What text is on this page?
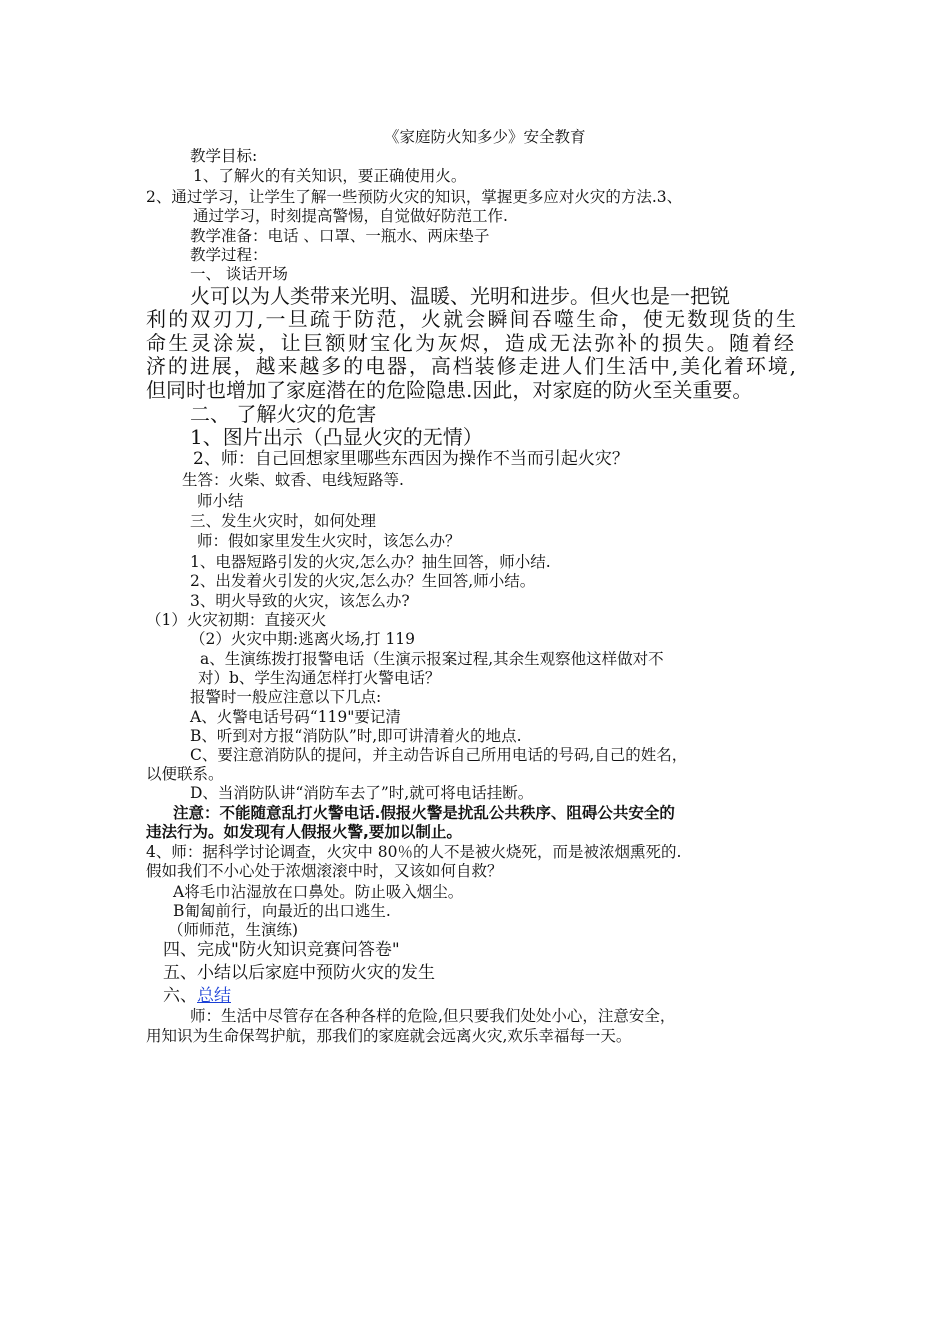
《家庭防火知多少》安全教育
教学目标:
1、了解火的有关知识，要正确使用火。
2、通过学习，让学生了解一些预防火灾的知识，掌握更多应对火灾的方法.3、
通过学习，时刻提高警惕，自觉做好防范工作.
教学准备：电话 、口罩、一瓶水、两床垫子
教学过程：
一、 谈话开场
火可以为人类带来光明、温暖、光明和进步。但火也是一把锐
利的双刃刀,一旦疏于防范，火就会瞬间吞噬生命，使无数现货的生
命生灵涂炭，让巨额财宝化为灰烬，造成无法弥补的损失。随着经
济的进展，越来越多的电器，高档装修走进人们生活中,美化着环境,
但同时也增加了家庭潜在的危险隐患.因此，对家庭的防火至关重要。
二、 了解火灾的危害
1、图片出示（凸显火灾的无情）
2、师：自己回想家里哪些东西因为操作不当而引起火灾？
生答：火柴、蚊香、电线短路等.
师小结
三、发生火灾时，如何处理
师：假如家里发生火灾时，该怎么办？
1、电器短路引发的火灾,怎么办？抽生回答，师小结.
2、出发着火引发的火灾,怎么办？生回答,师小结。
3、明火导致的火灾，该怎么办?
（1）火灾初期：直接灭火
（2）火灾中期:逃离火场,打 119
a、生演练拨打报警电话（生演示报案过程,其余生观察他这样做对不
对）b、学生沟通怎样打火警电话？
报警时一般应注意以下几点:
A、火警电话号码“119"要记清
B、听到对方报“消防队”时,即可讲清着火的地点.
C、要注意消防队的提问，并主动告诉自己所用电话的号码,自己的姓名，
以便联系。
D、当消防队讲“消防车去了”时,就可将电话挂断。
注意：不能随意乱打火警电话.假报火警是扰乱公共秩序、阻碍公共安全的
违法行为。如发现有人假报火警,要加以制止。
4、师：据科学讨论调查，火灾中 80％的人不是被火烧死，而是被浓烟熏死的.
假如我们不小心处于浓烟滚滚中时，又该如何自救？
A将毛巾沾湿放在口鼻处。防止吸入烟尘。
B匍匐前行，向最近的出口逃生.
（师师范，生演练)
四、完成"防火知识竞赛问答卷"
五、小结以后家庭中预防火灾的发生
六、总结
师：生活中尽管存在各种各样的危险,但只要我们处处小心，注意安全，
用知识为生命保驾护航，那我们的家庭就会远离火灾,欢乐幸福每一天。
